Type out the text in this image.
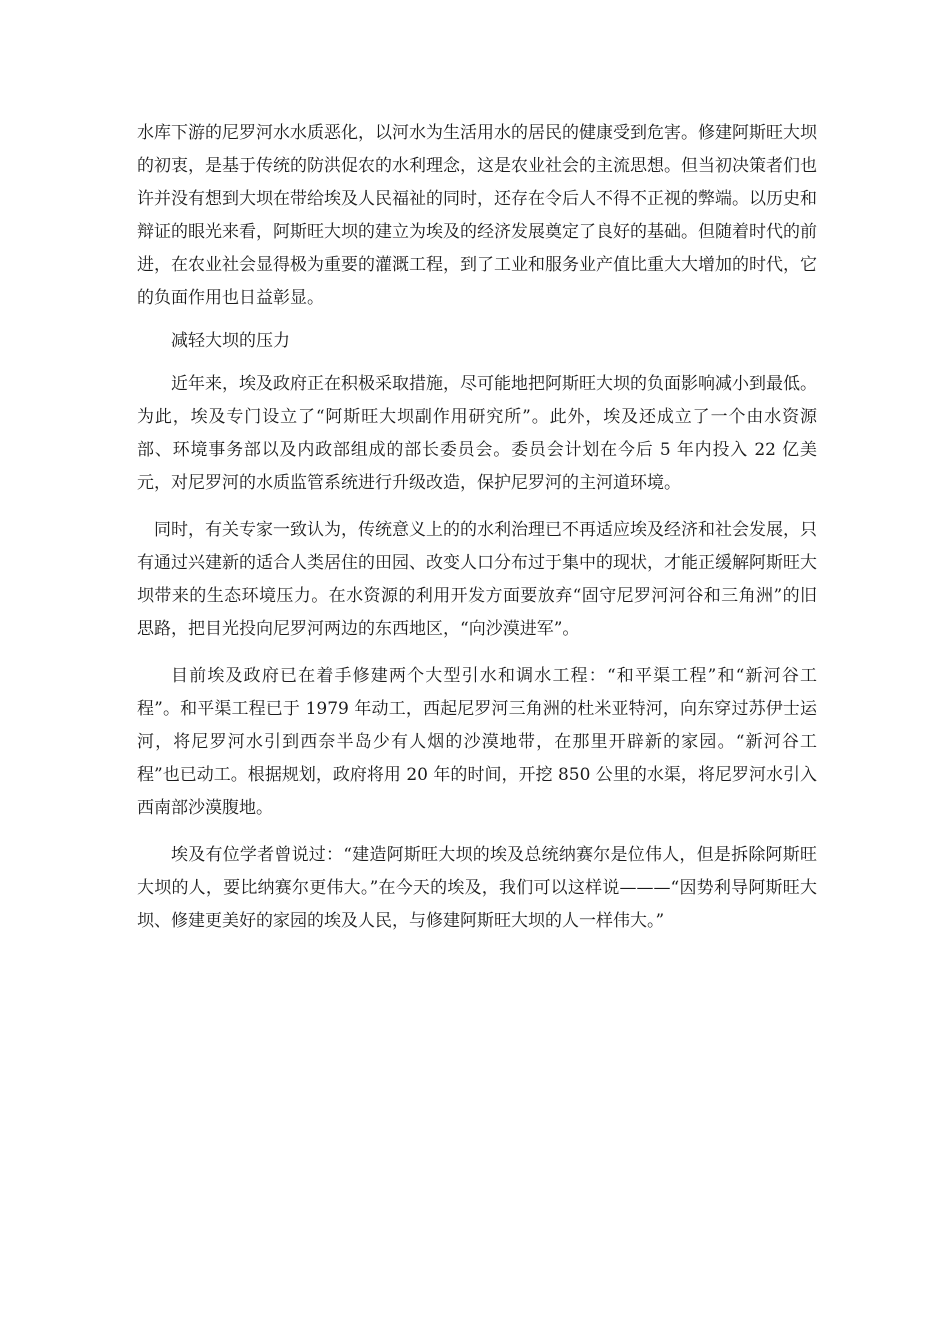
水库下游的尼罗河水水质恶化，以河水为生活用水的居民的健康受到危害。修建阿斯旺大坝的初衷，是基于传统的防洪促农的水利理念，这是农业社会的主流思想。但当初决策者们也许并没有想到大坝在带给埃及人民福祉的同时，还存在令后人不得不正视的弊端。以历史和辩证的眼光来看，阿斯旺大坝的建立为埃及的经济发展奠定了良好的基础。但随着时代的前进，在农业社会显得极为重要的灌溉工程，到了工业和服务业产值比重大大增加的时代，它的负面作用也日益彰显。

减轻大坝的压力

近年来，埃及政府正在积极采取措施，尽可能地把阿斯旺大坝的负面影响减小到最低。为此，埃及专门设立了“阿斯旺大坝副作用研究所”。此外，埃及还成立了一个由水资源部、环境事务部以及内政部组成的部长委员会。委员会计划在今后 5 年内投入 22 亿美元，对尼罗河的水质监管系统进行升级改造，保护尼罗河的主河道环境。

同时，有关专家一致认为，传统意义上的的水利治理已不再适应埃及经济和社会发展，只有通过兴建新的适合人类居住的田园、改变人口分布过于集中的现状，才能正缓解阿斯旺大坝带来的生态环境压力。在水资源的利用开发方面要放弃“固守尼罗河河谷和三角洲”的旧思路，把目光投向尼罗河两边的东西地区，“向沙漠进军”。

目前埃及政府已在着手修建两个大型引水和调水工程：“和平渠工程”和“新河谷工程”。和平渠工程已于 1979 年动工，西起尼罗河三角洲的杜米亚特河，向东穿过苏伊士运河，将尼罗河水引到西奈半岛少有人烟的沙漠地带，在那里开辟新的家园。“新河谷工程”也已动工。根据规划，政府将用 20 年的时间，开挖 850 公里的水渠，将尼罗河水引入西南部沙漠腹地。

埃及有位学者曾说过：“建造阿斯旺大坝的埃及总统纳赛尔是位伟人，但是拆除阿斯旺大坝的人，要比纳赛尔更伟大。”在今天的埃及，我们可以这样说———“因势利导阿斯旺大坝、修建更美好的家园的埃及人民，与修建阿斯旺大坝的人一样伟大。”
